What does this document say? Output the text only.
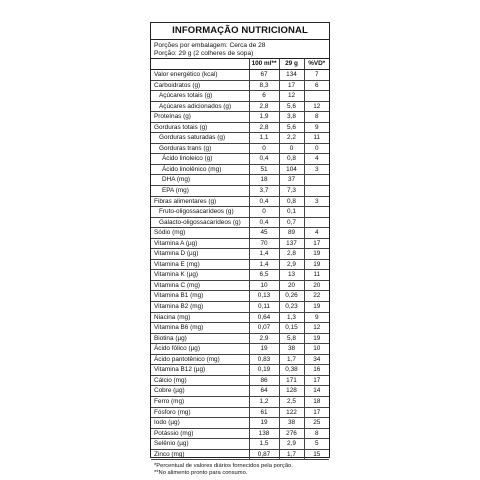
INFORMAÇÃO NUTRICIONAL
Porções por embalagem: Cerca de 28
Porção: 29 g (2 colheres de sopa)
	100 ml**	29 g	%VD*
Valor energético (kcal)	67	134	7
Carboidratos (g)	8,3	17	6
Açúcares totais (g)	6	12	
Açúcares adicionados (g)	2,8	5,6	12
Proteínas (g)	1,9	3,8	8
Gorduras totais (g)	2,8	5,6	9
Gorduras saturadas (g)	1,1	2,2	11
Gorduras trans (g)	0	0	0
Ácido linoleico (g)	0,4	0,8	4
Ácido linolênico (mg)	51	104	3
DHA (mg)	18	37	
EPA (mg)	3,7	7,3	
Fibras alimentares (g)	0,4	0,8	3
Fruto-oligossacarídeos (g)	0	0,1	
Galacto-oligossacarídeos (g)	0,4	0,7	
Sódio (mg)	45	89	4
Vitamina A (µg)	70	137	17
Vitamina D (µg)	1,4	2,8	19
Vitamina E (mg)	1,4	2,9	19
Vitamina K (µg)	6,5	13	11
Vitamina C (mg)	10	20	20
Vitamina B1 (mg)	0,13	0,26	22
Vitamina B2 (mg)	0,11	0,23	19
Niacina (mg)	0,64	1,3	9
Vitamina B6 (mg)	0,07	0,15	12
Biotina (µg)	2,9	5,8	19
Ácido fólico (µg)	19	38	10
Ácido pantotênico (mg)	0,83	1,7	34
Vitamina B12 (µg)	0,19	0,38	16
Cálcio (mg)	86	171	17
Cobre (µg)	64	128	14
Ferro (mg)	1,2	2,5	18
Fósforo (mg)	61	122	17
Iodo (µg)	19	38	25
Potássio (mg)	138	276	8
Selênio (µg)	1,5	2,9	5
Zinco (mg)	0,87	1,7	15
*Percentual de valores diários fornecidos pela porção.
**No alimento pronto para consumo.
